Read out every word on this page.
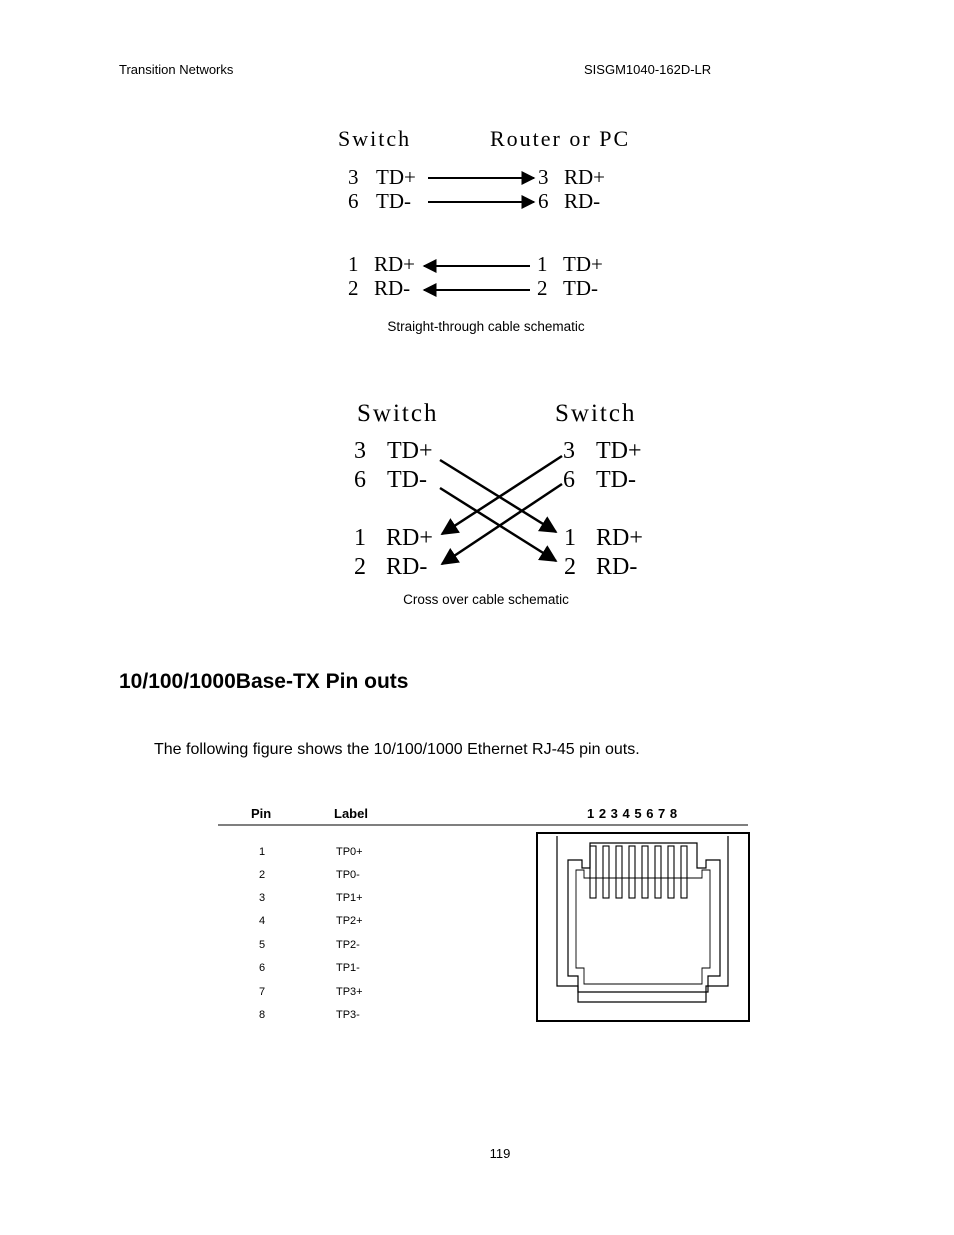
Transition Networks	SISGM1040-162D-LR
Switch	Router or PC
3 TD+	3 RD+
6 TD-	6 RD-
1 RD+	1 TD+
2 RD-	2 TD-
Switch	Switch
3 TD+	3 TD+
6 TD-	6 TD-
1 RD+	1 RD+
2 RD-	2 RD-
Straight-through cable schematic
Cross over cable schematic
10/100/1000Base-TX Pin outs
The following figure shows the 10/100/1000 Ethernet RJ-45 pin outs.
Pin	Label	1 2 3 4 5 6 7 8
1	TP0+
2	TP0-
3	TP1+
4	TP2+
5	TP2-
6	TP1-
7	TP3+
8	TP3-
119
